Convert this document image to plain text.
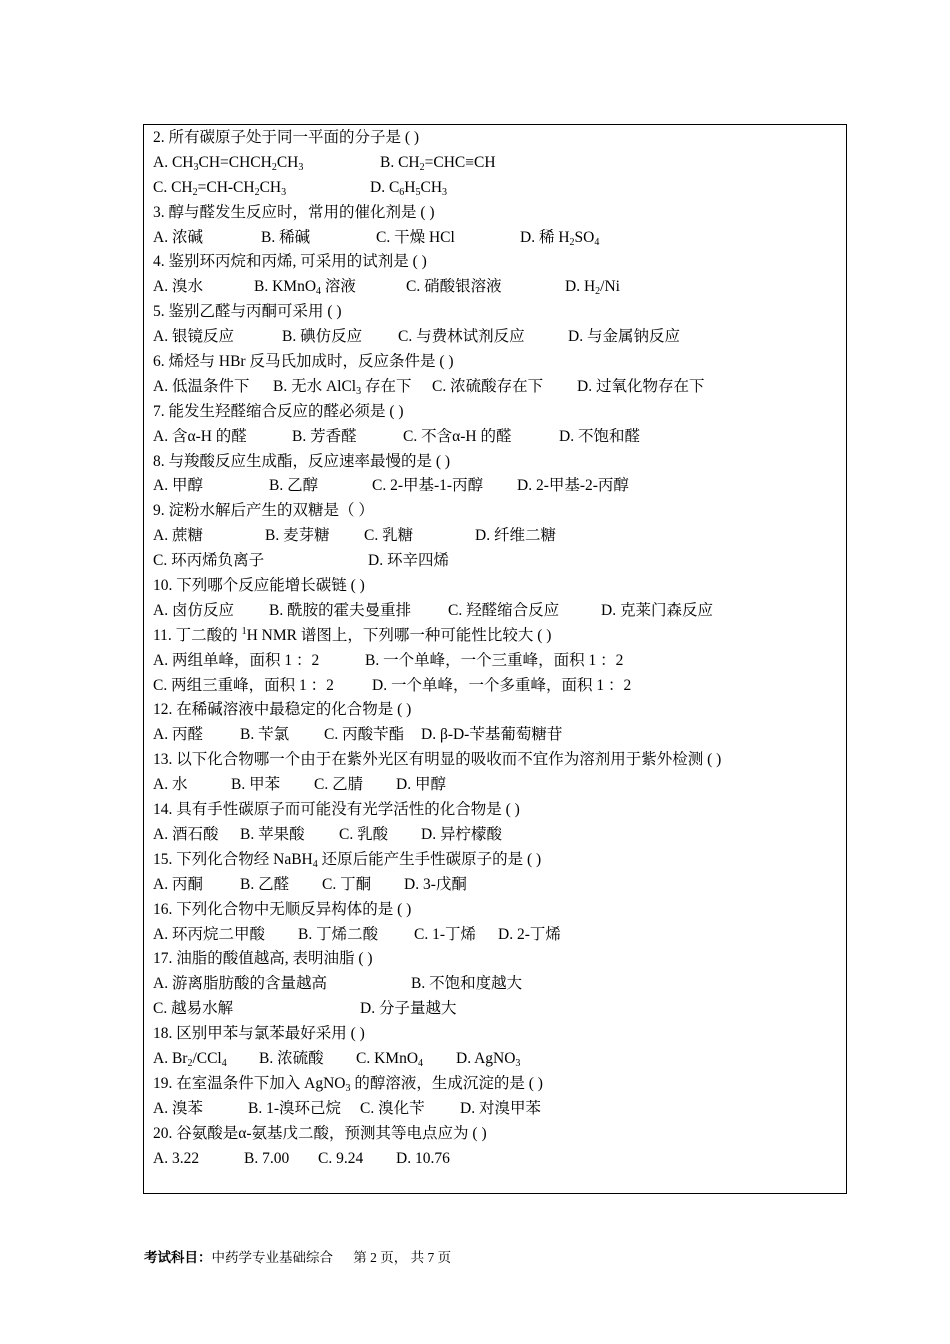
2. 所有碳原子处于同一平面的分子是 ( )
A. $CH_3CH=CHCH_2CH_3$	B. $CH_2=CHC\equiv CH$
C. $CH_2=CH-CH_2CH_3$	D. $C_6H_5CH_3$
3. 醇与醛发生反应时，常用的催化剂是 ( )
A. 浓碱	B. 稀碱	C. 干燥 HCl	D. 稀 $H_2SO_4$
4. 鉴别环丙烷和丙烯, 可采用的试剂是 ( )
A. 溴水	B. KMnO$_4$ 溶液	C. 硝酸银溶液	D. $H_2/Ni$
5. 鉴别乙醛与丙酮可采用 ( )
A. 银镜反应	B. 碘仿反应 C. 与费林试剂反应	D. 与金属钠反应
6. 烯烃与 HBr 反马氏加成时，反应条件是 ( )
A. 低温条件下 B. 无水 AlCl$_3$ 存在下 C. 浓硫酸存在下 D. 过氧化物存在下
7. 能发生羟醛缩合反应的醛必须是 ( )
A. 含α-H 的醛	B. 芳香醛	C. 不含α-H 的醛	D. 不饱和醛
8. 与羧酸反应生成酯，反应速率最慢的是 ( )
A. 甲醇	B. 乙醇	C. 2-甲基-1-丙醇 D. 2-甲基-2-丙醇
9. 淀粉水解后产生的双糖是（ ）
A. 蔗糖	B. 麦芽糖 C. 乳糖	D. 纤维二糖
C. 环丙烯负离子	D. 环辛四烯
10. 下列哪个反应能增长碳链 ( )
A. 卤仿反应 B. 酰胺的霍夫曼重排 C. 羟醛缩合反应	D. 克莱门森反应
11. 丁二酸的 $^1$H NMR 谱图上，下列哪一种可能性比较大 ( )
A. 两组单峰，面积 1 ：2	B. 一个单峰，一个三重峰，面积 1 ：2
C. 两组三重峰，面积 1 ：2 D. 一个单峰，一个多重峰，面积 1 ：2
12. 在稀碱溶液中最稳定的化合物是 ( )
A. 丙醛 B. 苄氯 C. 丙酸苄酯 D. β-D-苄基葡萄糖苷
13. 以下化合物哪一个由于在紫外光区有明显的吸收而不宜作为溶剂用于紫外检测 ( )
A. 水	B. 甲苯 C. 乙腈 D. 甲醇
14. 具有手性碳原子而可能没有光学活性的化合物是 ( )
A. 酒石酸 B. 苹果酸 C. 乳酸 D. 异柠檬酸
15. 下列化合物经 NaBH$_4$ 还原后能产生手性碳原子的是 ( )
A. 丙酮 B. 乙醛 C. 丁酮 D. 3-戊酮
16. 下列化合物中无顺反异构体的是 ( )
A. 环丙烷二甲酸 B. 丁烯二酸 C. 1-丁烯 D. 2-丁烯
17. 油脂的酸值越高, 表明油脂 ( )
A. 游离脂肪酸的含量越高	B. 不饱和度越大
C. 越易水解	D. 分子量越大
18. 区别甲苯与氯苯最好采用 ( )
A. $Br_2/CCl_4$ B. 浓硫酸 C. KMnO$_4$ D. AgNO$_3$
19. 在室温条件下加入 AgNO$_3$ 的醇溶液，生成沉淀的是 ( )
A. 溴苯	B. 1-溴环己烷 C. 溴化苄 D. 对溴甲苯
20. 谷氨酸是α-氨基戊二酸，预测其等电点应为 ( )
A. 3.22	B. 7.00 C. 9.24 D. 10.76
考试科目：中药学专业基础综合 第 2 页， 共 7 页
